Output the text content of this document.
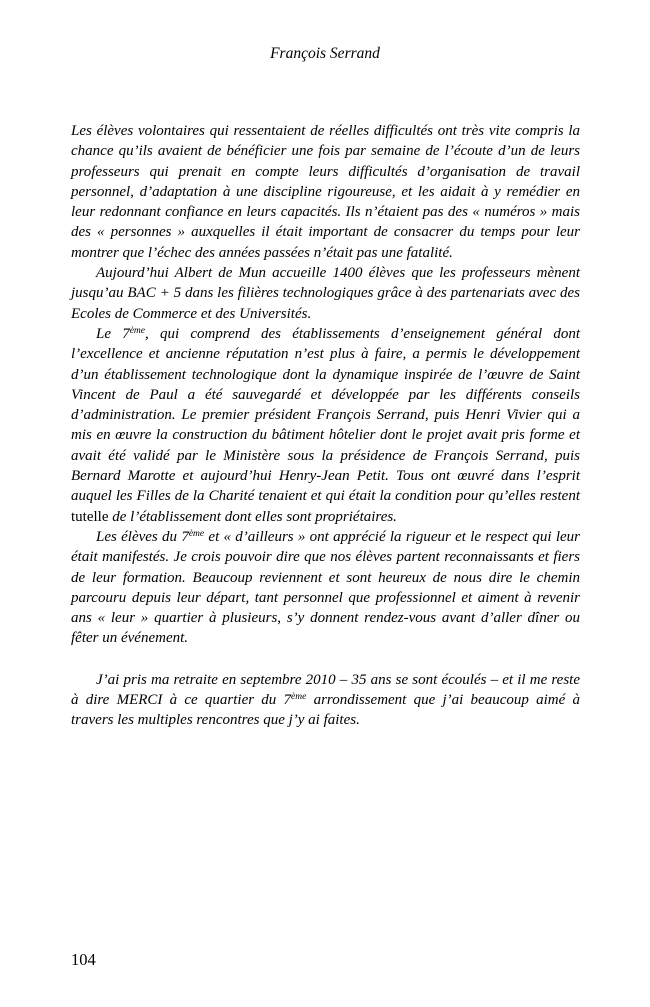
François Serrand

Les élèves volontaires qui ressentaient de réelles difficultés ont très vite compris la chance qu’ils avaient de bénéficier une fois par semaine de l’écoute d’un de leurs professeurs qui prenait en compte leurs difficultés d’organisation de travail personnel, d’adaptation à une discipline rigoureuse, et les aidait à y remédier en leur redonnant confiance en leurs capacités. Ils n’étaient pas des « numéros » mais des « personnes » auxquelles il était important de consacrer du temps pour leur montrer que l’échec des années passées n’était pas une fatalité.

Aujourd’hui Albert de Mun accueille 1400 élèves que les professeurs mènent jusqu’au BAC + 5 dans les filières technologiques grâce à des partenariats avec des Ecoles de Commerce et des Universités.

Le 7ème, qui comprend des établissements d’enseignement général dont l’excellence et ancienne réputation n’est plus à faire, a permis le développement d’un établissement technologique dont la dynamique inspirée de l’œuvre de Saint Vincent de Paul a été sauvegardé et développée par les différents conseils d’administration. Le premier président François Serrand, puis Henri Vivier qui a mis en œuvre la construction du bâtiment hôtelier dont le projet avait pris forme et avait été validé par le Ministère sous la présidence de François Serrand, puis Bernard Marotte et aujourd’hui Henry-Jean Petit. Tous ont œuvré dans l’esprit auquel les Filles de la Charité tenaient et qui était la condition pour qu’elles restent tutelle de l’établissement dont elles sont propriétaires.

Les élèves du 7ème et « d’ailleurs » ont apprécié la rigueur et le respect qui leur était manifestés. Je crois pouvoir dire que nos élèves partent reconnaissants et fiers de leur formation. Beaucoup reviennent et sont heureux de nous dire le chemin parcouru depuis leur départ, tant personnel que professionnel et aiment à revenir ans « leur » quartier à plusieurs, s’y donnent rendez-vous avant d’aller dîner ou fêter un événement.

J’ai pris ma retraite en septembre 2010 – 35 ans se sont écoulés – et il me reste à dire MERCI à ce quartier du 7ème arrondissement que j’ai beaucoup aimé à travers les multiples rencontres que j’y ai faites.

104
